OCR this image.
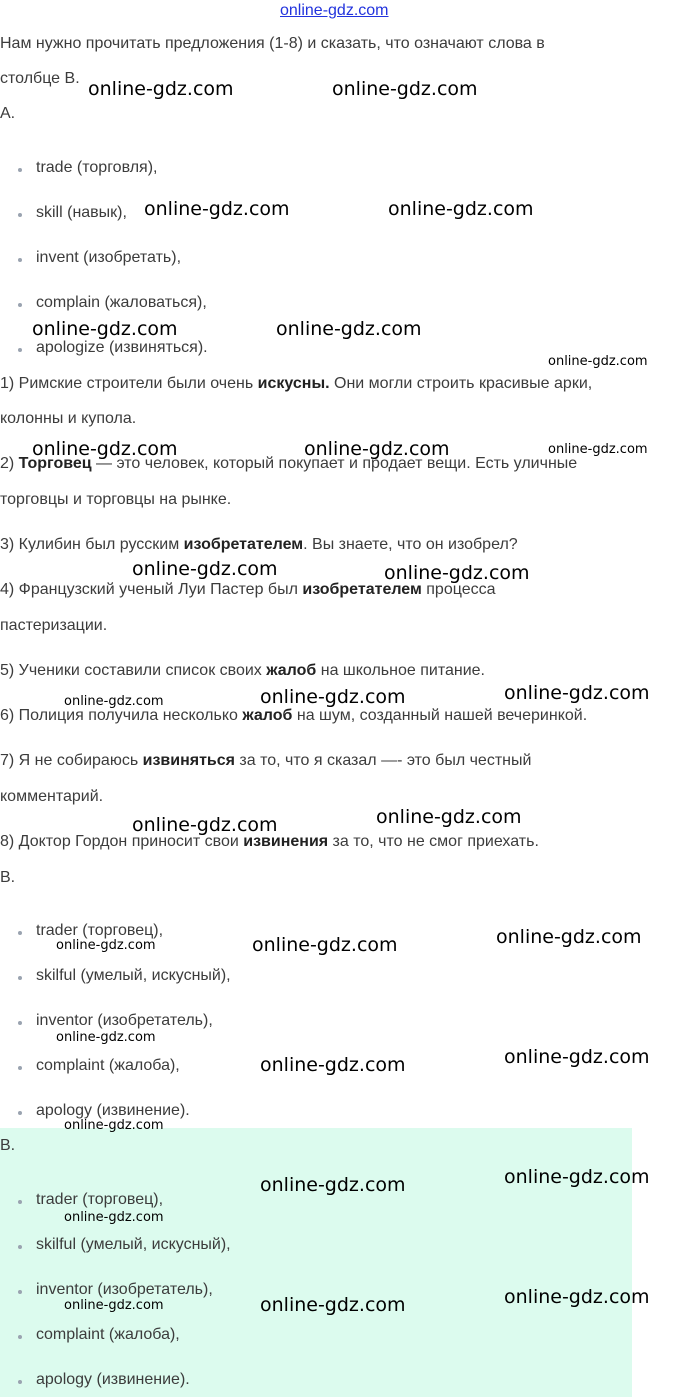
online-gdz.com
Нам нужно прочитать предложения (1-8) и сказать, что означают слова в
столбце В.
A.
trade (торговля),
skill (навык),
invent (изобретать),
complain (жаловаться),
apologize (извиняться).
1) Римские строители были очень искусны. Они могли строить красивые арки,
колонны и купола.
2) Торговец — это человек, который покупает и продает вещи. Есть уличные
торговцы и торговцы на рынке.
3) Кулибин был русским изобретателем. Вы знаете, что он изобрел?
4) Французский ученый Луи Пастер был изобретателем процесса
пастеризации.
5) Ученики составили список своих жалоб на школьное питание.
6) Полиция получила несколько жалоб на шум, созданный нашей вечеринкой.
7) Я не собираюсь извиняться за то, что я сказал —- это был честный
комментарий.
8) Доктор Гордон приносит свои извинения за то, что не смог приехать.
B.
trader (торговец),
skilful (умелый, искусный),
inventor (изобретатель),
complaint (жалоба),
apology (извинение).
B.
trader (торговец),
skilful (умелый, искусный),
inventor (изобретатель),
complaint (жалоба),
apology (извинение).
online-gdz.com	online-gdz.com
online-gdz.com	online-gdz.com
online-gdz.com	online-gdz.com
online-gdz.com
online-gdz.com	online-gdz.com	online-gdz.com
online-gdz.com	online-gdz.com
online-gdz.com	online-gdz.com	online-gdz.com
online-gdz.com
online-gdz.com
online-gdz.com	online-gdz.com	online-gdz.com
online-gdz.com
online-gdz.com	online-gdz.com
online-gdz.com
online-gdz.com	online-gdz.com
online-gdz.com
online-gdz.com	online-gdz.com	online-gdz.com
